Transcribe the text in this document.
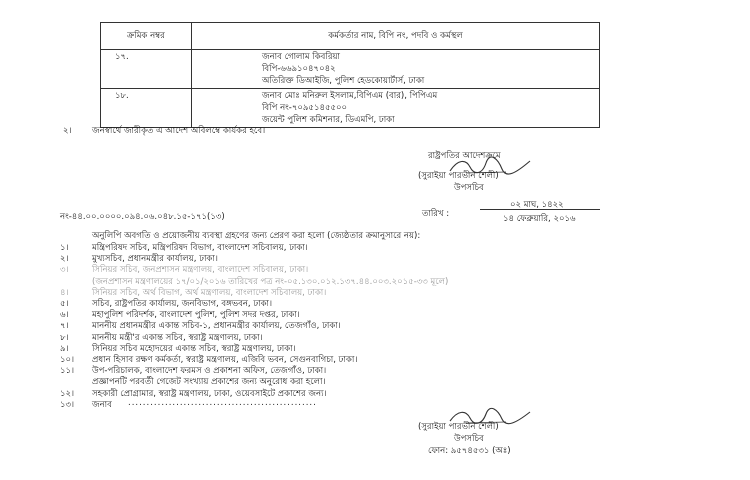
ক্রমিক নম্বর	কর্মকর্তার নাম, বিপি নং, পদবি ও কর্মস্থল
১৭.	জনাব গোলাম কিবরিয়া
বিপি-৬৬৯১০৪৭০৪২
অতিরিক্ত ডিআইজি, পুলিশ হেডকোয়ার্টার্স, ঢাকা

১৮.	জনাব মোঃ মনিরুল ইসলাম,বিপিএম (বার), পিপিএম
বিপি নং-৭০৯৫১৪৫৫০০
জয়েন্ট পুলিশ কমিশনার, ডিএমপি, ঢাকা
২। জনস্বার্থে জারীকৃত এ আদেশ অবিলম্বে কার্যকর হবে।
রাষ্ট্রপতির আদেশক্রমে
(সুরাইয়া পারভীন শেলী)
উপসচিব
নং-৪৪.০০.০০০০.০৯৪.০৬.০৪৮.১৫-১৭১(১৩)	তারিখ :
০২ মাঘ, ১৪২২
১৪ ফেব্রুয়ারি, ২০১৬
অনুলিপি অবগতি ও প্রয়োজনীয় ব্যবস্থা গ্রহণের জন্য প্রেরণ করা হলো (জ্যেষ্ঠতার ক্রমানুসারে নয়):
১।	মন্ত্রিপরিষদ সচিব, মন্ত্রিপরিষদ বিভাগ, বাংলাদেশ সচিবালয়, ঢাকা।
২।	মুখ্যসচিব, প্রধানমন্ত্রীর কার্যালয়, ঢাকা।
৩।	সিনিয়র সচিব, জনপ্রশাসন মন্ত্রণালয়, বাংলাদেশ সচিবালয়, ঢাকা।
(জনপ্রশাসন মন্ত্রণালয়ের ১৭/০১/২০১৬ তারিখের পত্র নং-০৫.১৩০.০১২.১৩৭.৪৪.০০৩.২০১৫-৩৩ মূলে)
৪।	সিনিয়র সচিব, অর্থ বিভাগ, অর্থ মন্ত্রণালয়, বাংলাদেশ সচিবালয়, ঢাকা।
৫।	সচিব, রাষ্ট্রপতির কার্যালয়, জনবিভাগ, বঙ্গভবন, ঢাকা।
৬।	মহাপুলিশ পরিদর্শক, বাংলাদেশ পুলিশ, পুলিশ সদর দপ্তর, ঢাকা।
৭।	মাননীয় প্রধানমন্ত্রীর একান্ত সচিব-১, প্রধানমন্ত্রীর কার্যালয়, তেজগাঁও, ঢাকা।
৮।	মাননীয় মন্ত্রী'র একান্ত সচিব, স্বরাষ্ট্র মন্ত্রণালয়, ঢাকা।
৯।	সিনিয়র সচিব মহোদয়ের একান্ত সচিব, স্বরাষ্ট্র মন্ত্রণালয়, ঢাকা।
১০। প্রধান হিসাব রক্ষণ কর্মকর্তা, স্বরাষ্ট্র মন্ত্রণালয়, এজিবি ভবন, সেগুনবাগিচা, ঢাকা।
১১। উপ-পরিচালক, বাংলাদেশ ফরমস ও প্রকাশনা অফিস, তেজগাঁও, ঢাকা।
প্রজ্ঞাপনটি পরবর্তী গেজেট সংখ্যায় প্রকাশের জন্য অনুরোধ করা হলো।
১২। সহকারী প্রোগ্রামার, স্বরাষ্ট্র মন্ত্রণালয়, ঢাকা, ওয়েবসাইটে প্রকাশের জন্য।
১৩। জনাব ...................................................
(সুরাইয়া পারভীন শেলী)
উপসচিব
ফোন: ৯৫৭৪৫৩১ (অঃ)
